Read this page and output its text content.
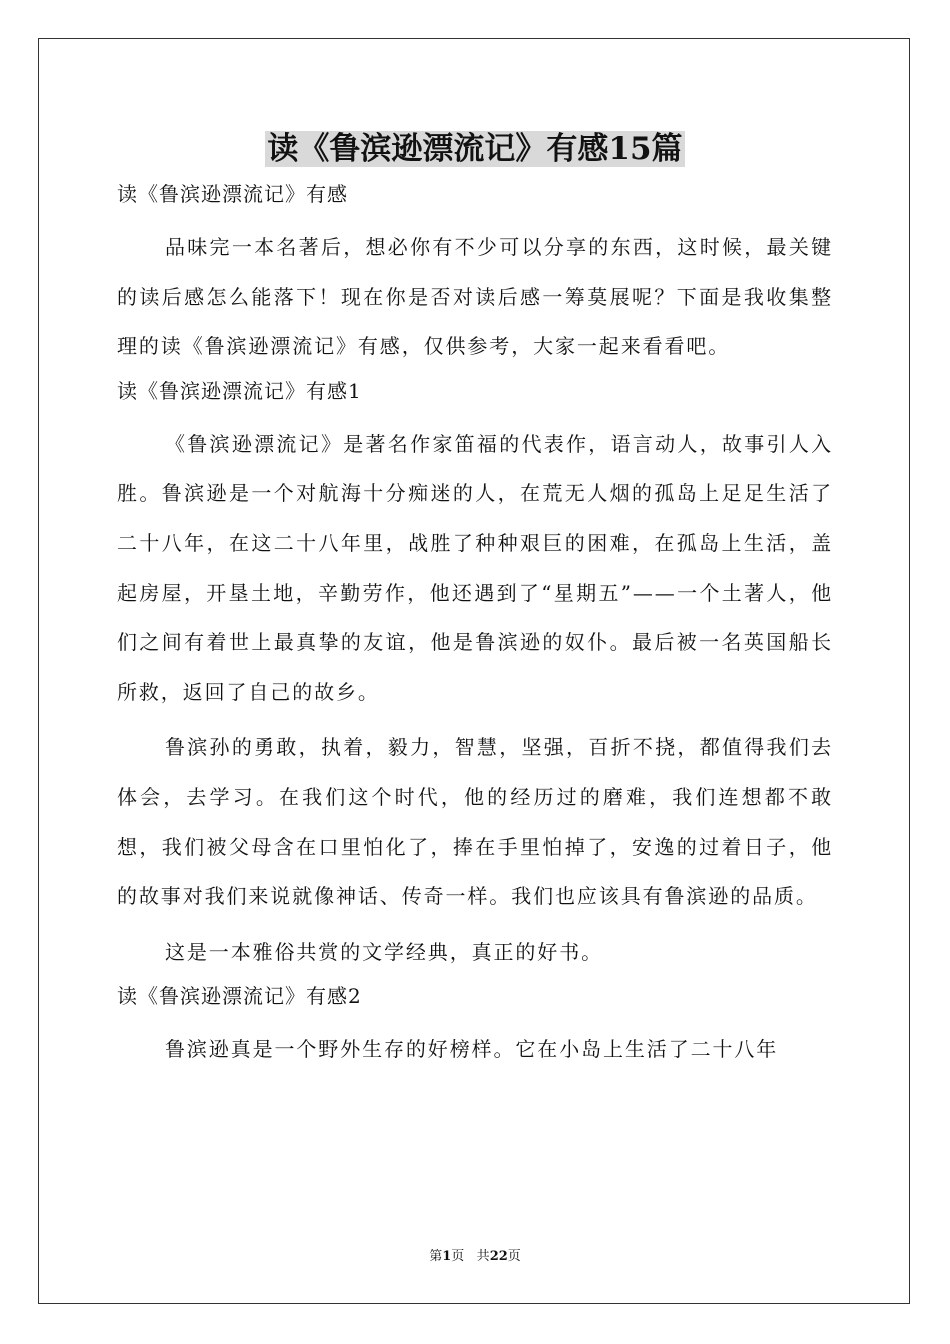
读《鲁滨逊漂流记》有感15篇
读《鲁滨逊漂流记》有感

品味完一本名著后，想必你有不少可以分享的东西，这时候，最关键的读后感怎么能落下！现在你是否对读后感一筹莫展呢？下面是我收集整理的读《鲁滨逊漂流记》有感，仅供参考，大家一起来看看吧。

读《鲁滨逊漂流记》有感1

《鲁滨逊漂流记》是著名作家笛福的代表作，语言动人，故事引人入胜。鲁滨逊是一个对航海十分痴迷的人，在荒无人烟的孤岛上足足生活了二十八年，在这二十八年里，战胜了种种艰巨的困难，在孤岛上生活，盖起房屋，开垦土地，辛勤劳作，他还遇到了“星期五”——一个土著人，他们之间有着世上最真挚的友谊，他是鲁滨逊的奴仆。最后被一名英国船长所救，返回了自己的故乡。

鲁滨孙的勇敢，执着，毅力，智慧，坚强，百折不挠，都值得我们去体会，去学习。在我们这个时代，他的经历过的磨难，我们连想都不敢想，我们被父母含在口里怕化了，捧在手里怕掉了，安逸的过着日子，他的故事对我们来说就像神话、传奇一样。我们也应该具有鲁滨逊的品质。

这是一本雅俗共赏的文学经典，真正的好书。

读《鲁滨逊漂流记》有感2

鲁滨逊真是一个野外生存的好榜样。它在小岛上生活了二十八年

第1页 共22页
